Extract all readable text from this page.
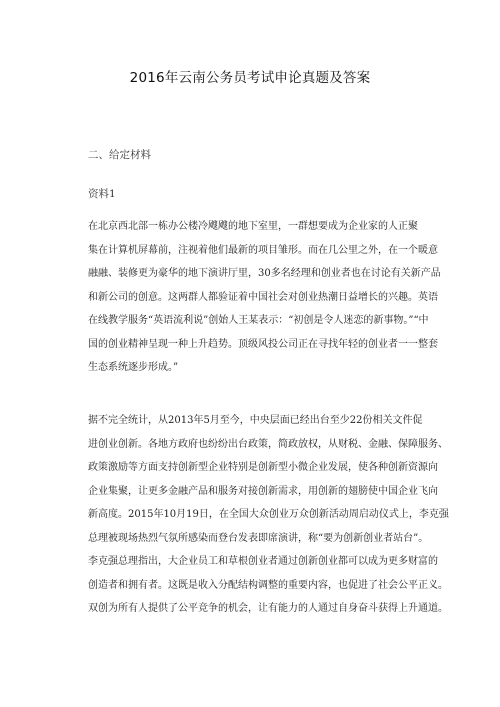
2016年云南公务员考试申论真题及答案
二、给定材料
资料1
在北京西北部一栋办公楼冷飕飕的地下室里，一群想要成为企业家的人正聚
集在计算机屏幕前，注视着他们最新的项目雏形。而在几公里之外，在一个暖意
融融、装修更为豪华的地下演讲厅里，30多名经理和创业者也在讨论有关新产品
和新公司的创意。这两群人都验证着中国社会对创业热潮日益增长的兴趣。英语
在线教学服务“英语流利说”创始人王某表示：“初创是令人迷恋的新事物。”“中
国的创业精神呈现一种上升趋势。顶级风投公司正在寻找年轻的创业者一一整套
生态系统逐步形成。”
据不完全统计，从2013年5月至今，中央层面已经出台至少22份相关文件促
进创业创新。各地方政府也纷纷出台政策，简政放权，从财税、金融、保障服务、
政策激励等方面支持创新型企业特别是创新型小微企业发展，使各种创新资源向
企业集聚，让更多金融产品和服务对接创新需求，用创新的翅膀使中国企业飞向
新高度。2015年10月19日，在全国大众创业万众创新活动周启动仪式上，李克强
总理被现场热烈气氛所感染而登台发表即席演讲，称“要为创新创业者站台”。
李克强总理指出，大企业员工和草根创业者通过创新创业都可以成为更多财富的
创造者和拥有者。这既是收入分配结构调整的重要内容，也促进了社会公平正义。
双创为所有人提供了公平竞争的机会，让有能力的人通过自身奋斗获得上升通道。
